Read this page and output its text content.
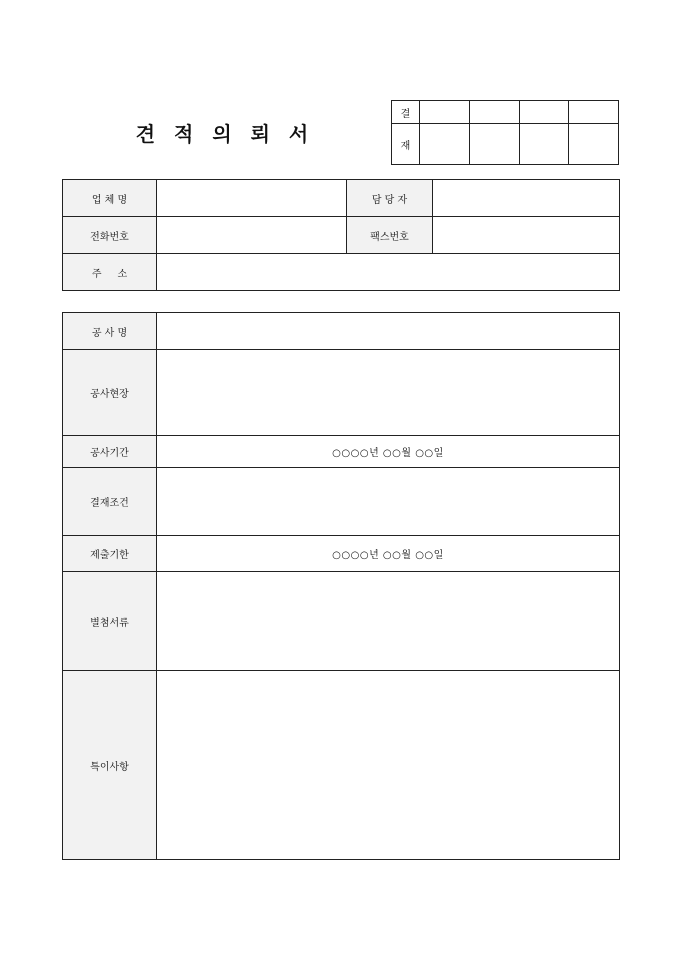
견 적 의 뢰 서
결				
재				
업 체 명		담 당 자	
전화번호		팩스번호	
주     소			
공 사 명	
공사현장	
공사기간	○○○○년 ○○월 ○○일
결재조건	
제출기한	○○○○년 ○○월 ○○일
별첨서류	
특이사항	
